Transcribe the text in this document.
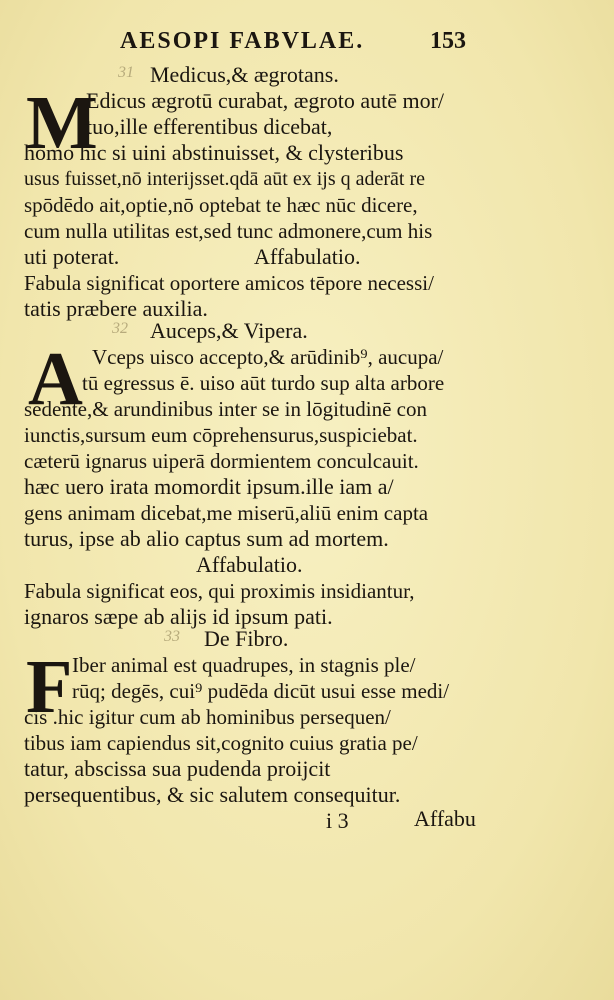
AESOPI FABVLAE.	153
31 Medicus,& ægrotans.
M
Edicus ægrotū curabat, ægroto autē mor/
tuo,ille efferentibus dicebat,
homo hic si uini abstinuisset, & clysteribus
usus fuisset,nō interijsset.qdā aūt ex ijs q aderāt re
spōdēdo ait,optie,nō optebat te hæc nūc dicere,
cum nulla utilitas est,sed tunc admonere,cum his
uti poterat.	Affabulatio.
Fabula significat oportere amicos tēpore necessi/
tatis præbere auxilia.
32 Auceps,& Vipera.
A Vceps uisco accepto,& arūdinib⁹, aucupa/
tū egressus ē. uiso aūt turdo sup alta arbore
sedente,& arundinibus inter se in lōgitudinē con
iunctis,sursum eum cōprehensurus,suspiciebat.
cæterū ignarus uiperā dormientem conculcauit.
hæc uero irata momordit ipsum.ille iam a/
gens animam dicebat,me miserū,aliū enim capta
turus, ipse ab alio captus sum ad mortem.
Affabulatio.
Fabula significat eos, qui proximis insidiantur,
ignaros sæpe ab alijs id ipsum pati.
33 De Fibro.
F Iber animal est quadrupes, in stagnis ple/
rūq; degēs, cui⁹ pudēda dicūt usui esse medi/
cis .hic igitur cum ab hominibus persequen/
tibus iam capiendus sit,cognito cuius gratia pe/
tatur, abscissa sua pudenda proijcit
persequentibus, & sic salutem consequitur.
i 3	Affabu
